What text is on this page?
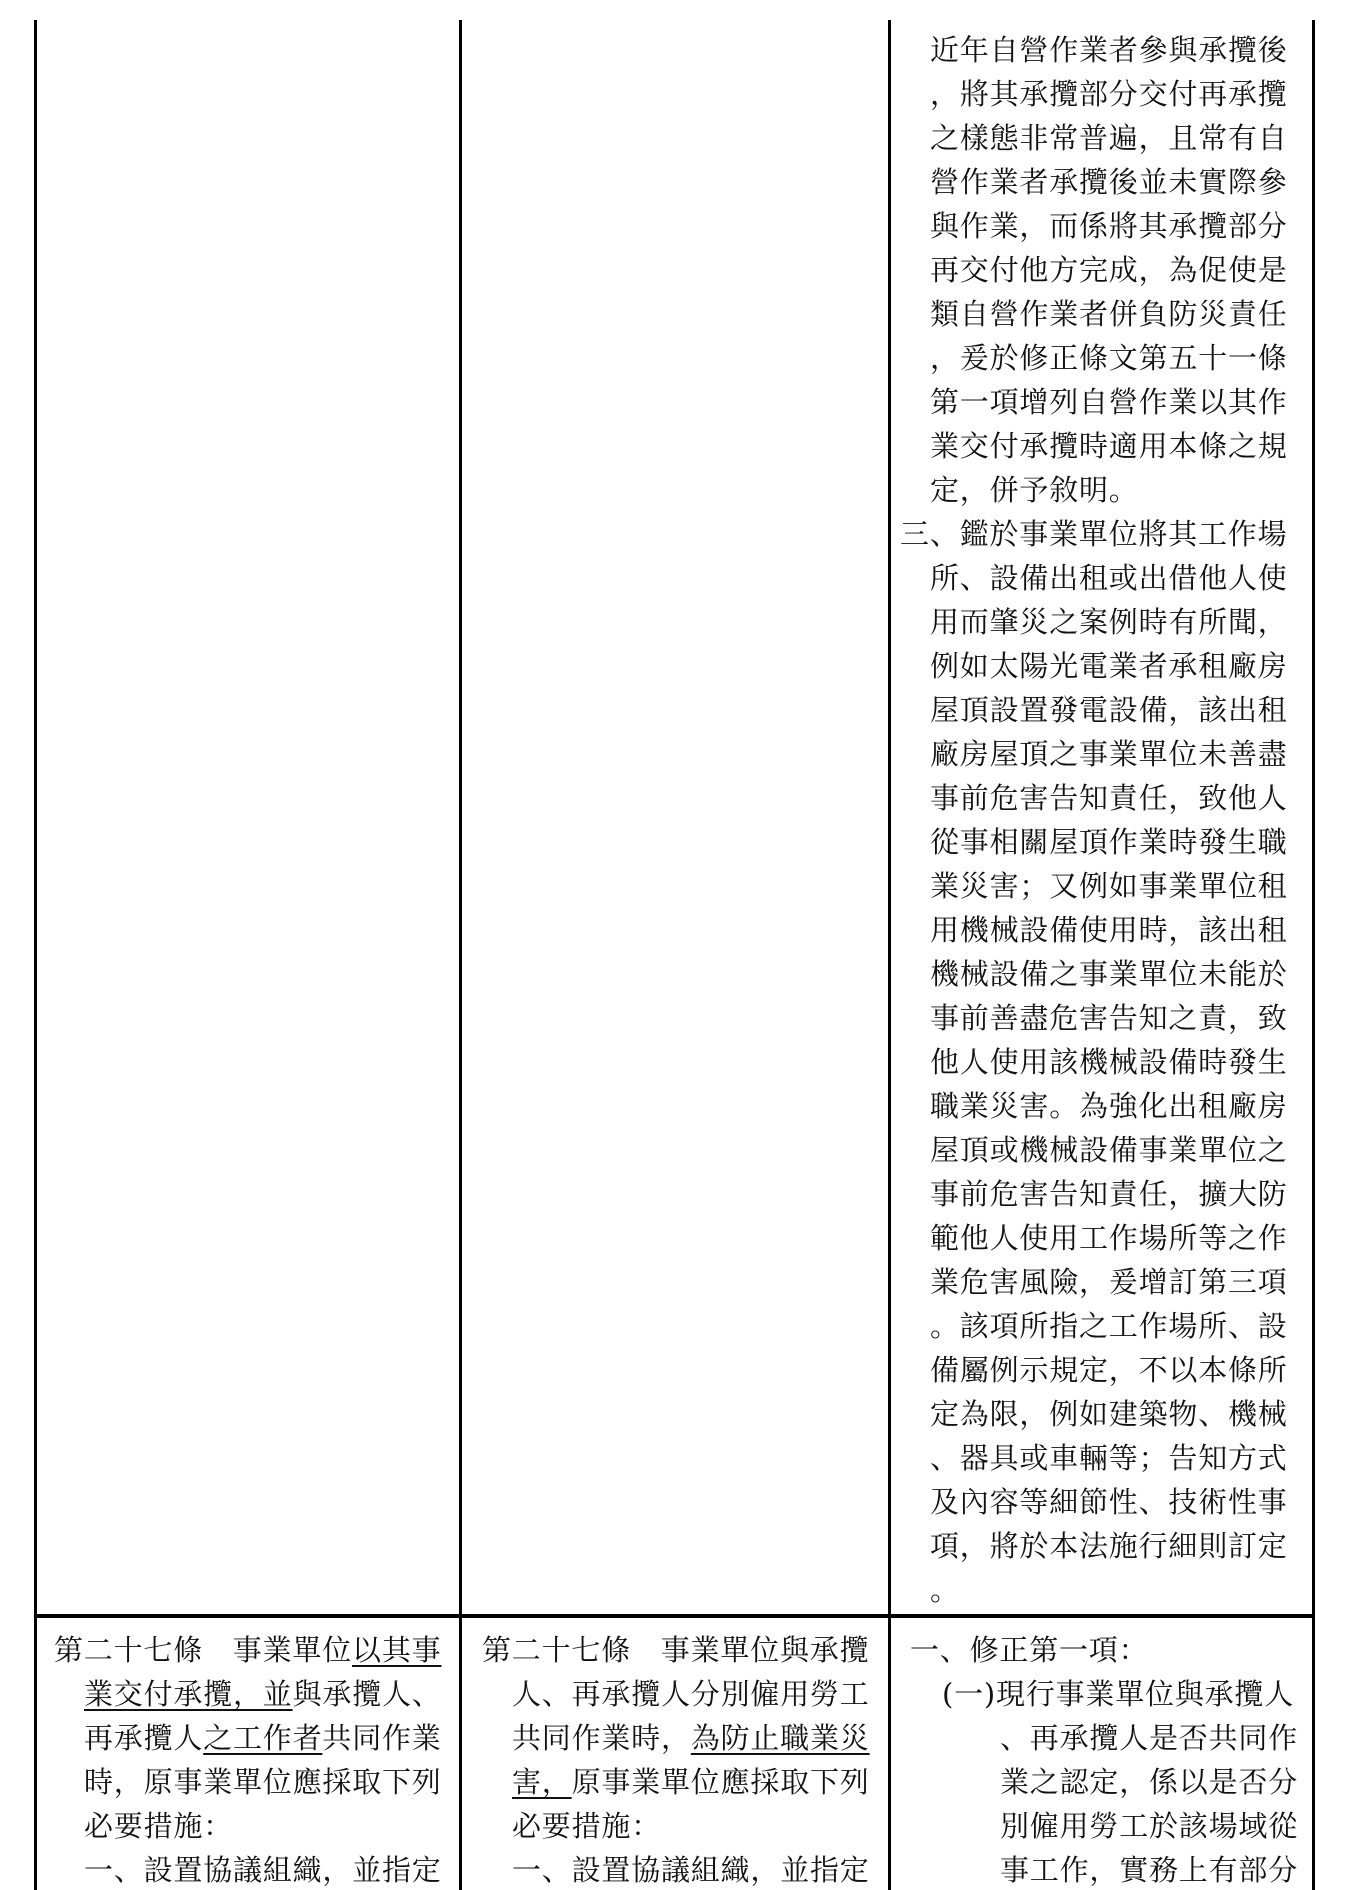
近年自營作業者參與承攬後
，將其承攬部分交付再承攬
之樣態非常普遍，且常有自
營作業者承攬後並未實際參
與作業，而係將其承攬部分
再交付他方完成，為促使是
類自營作業者併負防災責任
，爰於修正條文第五十一條
第一項增列自營作業以其作
業交付承攬時適用本條之規
定，併予敘明。
三、鑑於事業單位將其工作場
所、設備出租或出借他人使
用而肇災之案例時有所聞，
例如太陽光電業者承租廠房
屋頂設置發電設備，該出租
廠房屋頂之事業單位未善盡
事前危害告知責任，致他人
從事相關屋頂作業時發生職
業災害；又例如事業單位租
用機械設備使用時，該出租
機械設備之事業單位未能於
事前善盡危害告知之責，致
他人使用該機械設備時發生
職業災害。為強化出租廠房
屋頂或機械設備事業單位之
事前危害告知責任，擴大防
範他人使用工作場所等之作
業危害風險，爰增訂第三項
。該項所指之工作場所、設
備屬例示規定，不以本條所
定為限，例如建築物、機械
、器具或車輛等；告知方式
及內容等細節性、技術性事
項，將於本法施行細則訂定
。
第二十七條　事業單位以其事
業交付承攬，並與承攬人、
再承攬人之工作者共同作業
時，原事業單位應採取下列
必要措施：
一、設置協議組織，並指定
第二十七條　事業單位與承攬
人、再承攬人分別僱用勞工
共同作業時，為防止職業災
害，原事業單位應採取下列
必要措施：
一、設置協議組織，並指定
一、修正第一項：
(一)現行事業單位與承攬人
、再承攬人是否共同作
業之認定，係以是否分
別僱用勞工於該場域從
事工作，實務上有部分
